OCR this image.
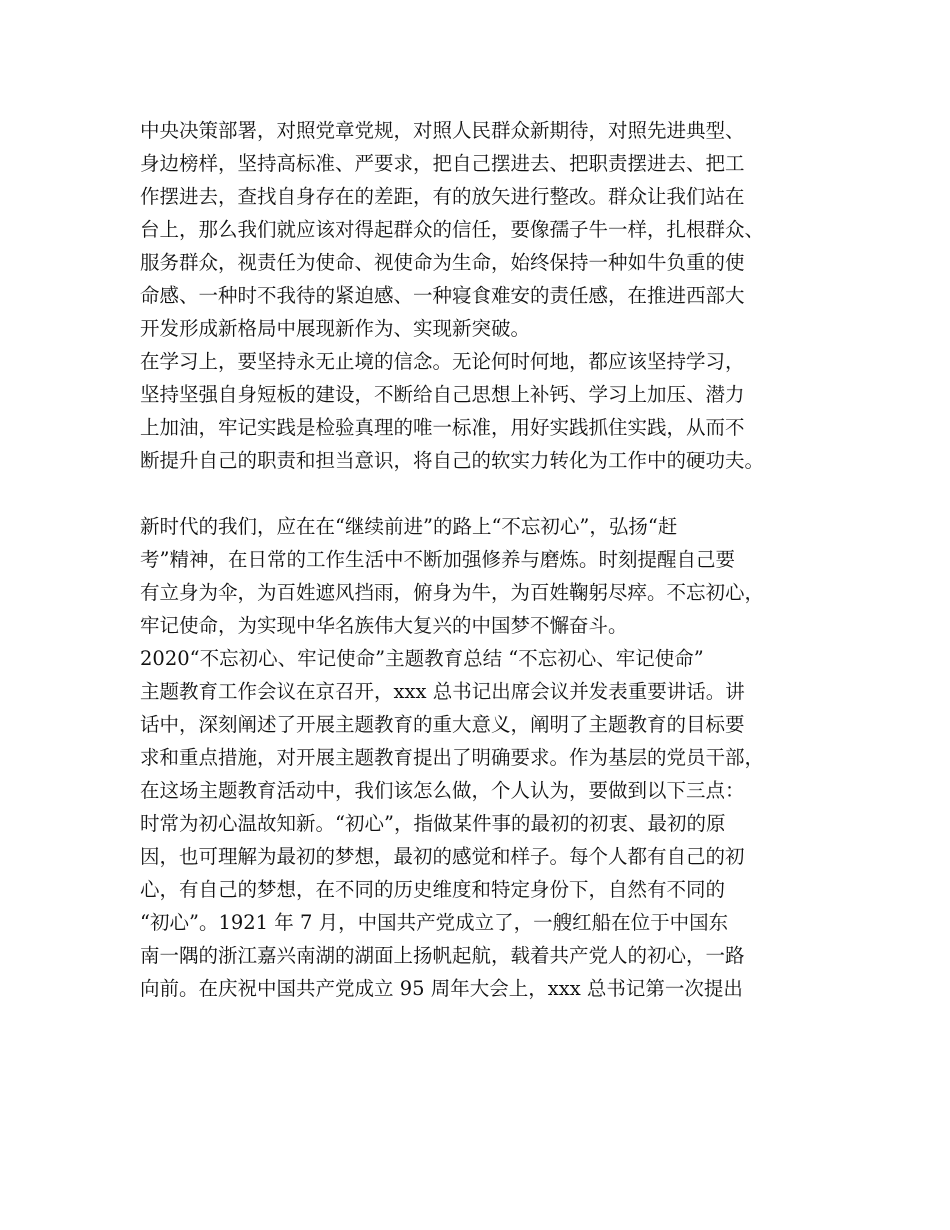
中央决策部署，对照党章党规，对照人民群众新期待，对照先进典型、
身边榜样，坚持高标准、严要求，把自己摆进去、把职责摆进去、把工
作摆进去，查找自身存在的差距，有的放矢进行整改。群众让我们站在
台上，那么我们就应该对得起群众的信任，要像孺子牛一样，扎根群众、
服务群众，视责任为使命、视使命为生命，始终保持一种如牛负重的使
命感、一种时不我待的紧迫感、一种寝食难安的责任感，在推进西部大
开发形成新格局中展现新作为、实现新突破。
在学习上，要坚持永无止境的信念。无论何时何地，都应该坚持学习，
坚持坚强自身短板的建设，不断给自己思想上补钙、学习上加压、潜力
上加油，牢记实践是检验真理的唯一标准，用好实践抓住实践，从而不
断提升自己的职责和担当意识，将自己的软实力转化为工作中的硬功夫。
新时代的我们，应在在“继续前进”的路上“不忘初心”，弘扬“赶
考”精神，在日常的工作生活中不断加强修养与磨炼。时刻提醒自己要
有立身为伞，为百姓遮风挡雨，俯身为牛，为百姓鞠躬尽瘁。不忘初心，
牢记使命，为实现中华名族伟大复兴的中国梦不懈奋斗。
2020“不忘初心、牢记使命”主题教育总结 “不忘初心、牢记使命”
主题教育工作会议在京召开，xxx 总书记出席会议并发表重要讲话。讲
话中，深刻阐述了开展主题教育的重大意义，阐明了主题教育的目标要
求和重点措施，对开展主题教育提出了明确要求。作为基层的党员干部，
在这场主题教育活动中，我们该怎么做，个人认为，要做到以下三点：
时常为初心温故知新。“初心”，指做某件事的最初的初衷、最初的原
因，也可理解为最初的梦想，最初的感觉和样子。每个人都有自己的初
心，有自己的梦想，在不同的历史维度和特定身份下，自然有不同的
“初心”。1921 年 7 月，中国共产党成立了，一艘红船在位于中国东
南一隅的浙江嘉兴南湖的湖面上扬帆起航，载着共产党人的初心，一路
向前。在庆祝中国共产党成立 95 周年大会上，xxx 总书记第一次提出
